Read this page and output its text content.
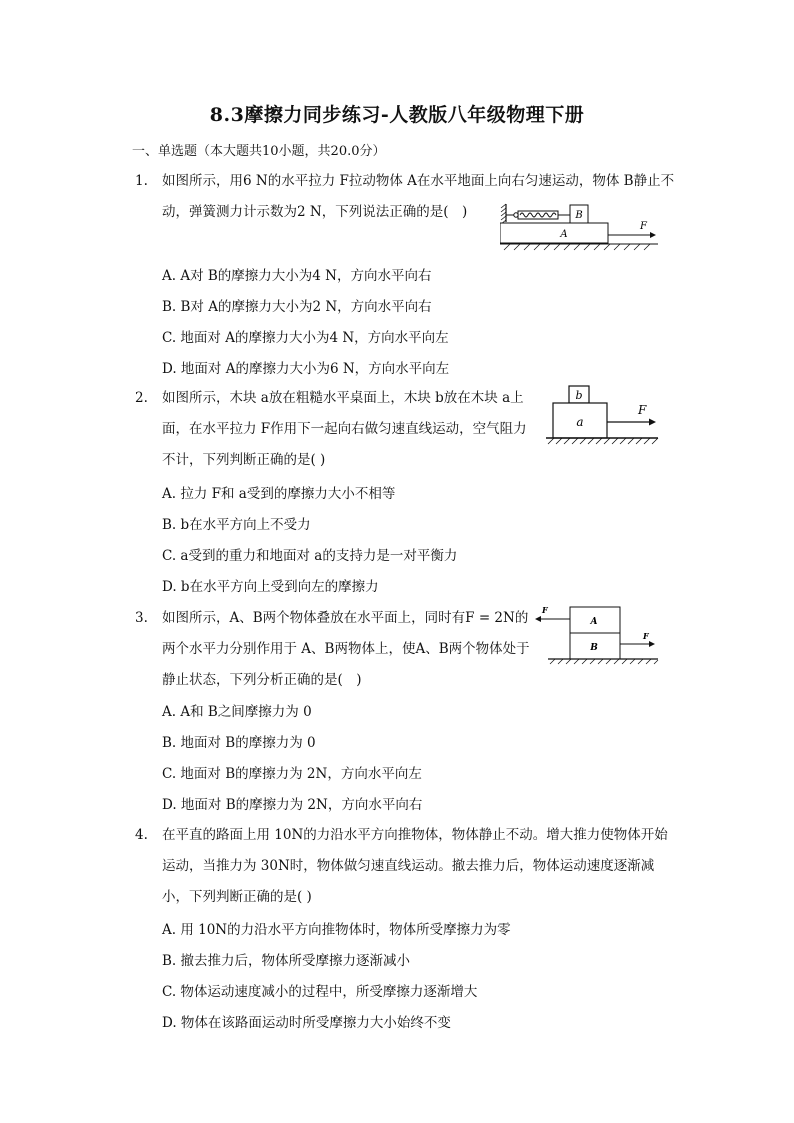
8.3摩擦力同步练习-人教版八年级物理下册
一、单选题（本大题共10小题，共20.0分）
1. 如图所示，用6 N的水平拉力 F拉动物体 A在水平地面上向右匀速运动，物体 B静止不动，弹簧测力计示数为2 N，下列说法正确的是(　)	B
A
F
A. A对 B的摩擦力大小为4 N，方向水平向右
B. B对 A的摩擦力大小为2 N，方向水平向右
C. 地面对 A的摩擦力大小为4 N，方向水平向左
D. 地面对 A的摩擦力大小为6 N，方向水平向左
2. 如图所示，木块 a放在粗糙水平桌面上，木块 b放在木块 a上面，在水平拉力 F作用下一起向右做匀速直线运动，空气阻力不计，下列判断正确的是( )
b
a
F
A. 拉力 F和 a受到的摩擦力大小不相等
B. b在水平方向上不受力
C. a受到的重力和地面对 a的支持力是一对平衡力
D. b在水平方向上受到向左的摩擦力
3. 如图所示，A、B两个物体叠放在水平面上，同时有F = 2N的两个水平力分别作用于 A、B两物体上，使A、B两个物体处于静止状态，下列分析正确的是(　)
F
A
B
F
A. A和 B之间摩擦力为 0
B. 地面对 B的摩擦力为 0
C. 地面对 B的摩擦力为 2N，方向水平向左
D. 地面对 B的摩擦力为 2N，方向水平向右
4. 在平直的路面上用 10N的力沿水平方向推物体，物体静止不动。增大推力使物体开始运动，当推力为 30N时，物体做匀速直线运动。撤去推力后，物体运动速度逐渐减小，下列判断正确的是( )
A. 用 10N的力沿水平方向推物体时，物体所受摩擦力为零
B. 撤去推力后，物体所受摩擦力逐渐减小
C. 物体运动速度减小的过程中，所受摩擦力逐渐增大
D. 物体在该路面运动时所受摩擦力大小始终不变
